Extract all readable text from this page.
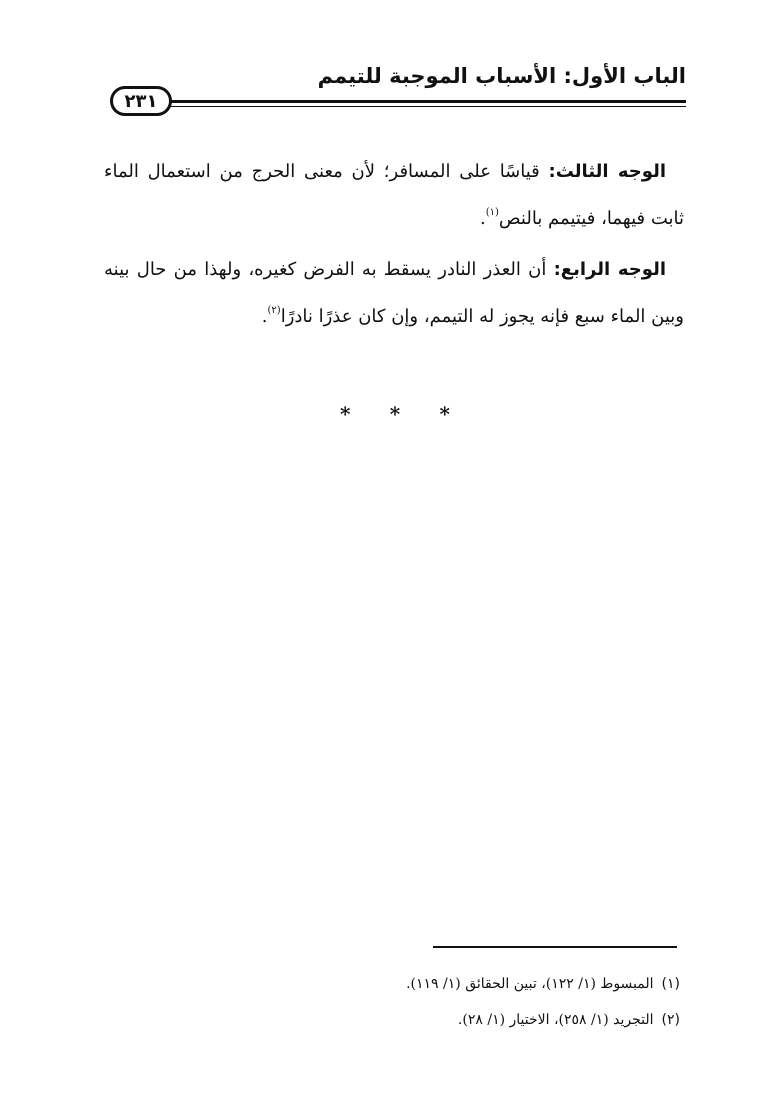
الباب الأول: الأسباب الموجبة للتيمم
٢٣١

الوجه الثالث: قياسًا على المسافر؛ لأن معنى الحرج من استعمال الماء ثابت فيهما، فيتيمم بالنص$^{(١)}$.

الوجه الرابع: أن العذر النادر يسقط به الفرض كغيره، ولهذا من حال بينه وبين الماء سبع فإنه يجوز له التيمم، وإن كان عذرًا نادرًا$^{(٢)}$.

* * *
(١)المبسوط (١/ ١٢٢)، تبين الحقائق (١/ ١١٩).
(٢)التجريد (١/ ٢٥٨)، الاختيار (١/ ٢٨).
